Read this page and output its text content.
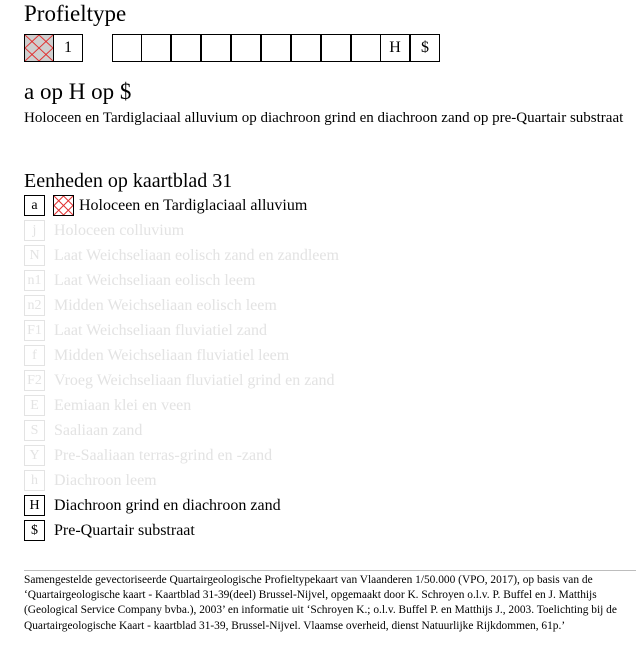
Profieltype
1	H	$
a op H op $
Holoceen en Tardiglaciaal alluvium op diachroon grind en diachroon zand op pre-Quartair substraat
Eenheden op kaartblad 31
a	Holoceen en Tardiglaciaal alluvium
j	Holoceen colluvium
N Laat Weichseliaan eolisch zand en zandleem
n1 Laat Weichseliaan eolisch leem
n2 Midden Weichseliaan eolisch leem
F1 Laat Weichseliaan fluviatiel zand
f	Midden Weichseliaan fluviatiel leem
F2 Vroeg Weichseliaan fluviatiel grind en zand
E Eemiaan klei en veen
S Saaliaan zand
Y Pre-Saaliaan terras-grind en -zand
h	Diachroon leem
H Diachroon grind en diachroon zand
$	Pre-Quartair substraat
Samengestelde gevectoriseerde Quartairgeologische Profieltypekaart van Vlaanderen 1/50.000 (VPO, 2017), op basis van de ‘Quartairgeologische kaart - Kaartblad 31-39(deel) Brussel-Nijvel, opgemaakt door K. Schroyen o.l.v. P. Buffel en J. Matthijs (Geological Service Company bvba.), 2003’ en informatie uit ‘Schroyen K.; o.l.v. Buffel P. en Matthijs J., 2003. Toelichting bij de Quartairgeologische Kaart - kaartblad 31-39, Brussel-Nijvel. Vlaamse overheid, dienst Natuurlijke Rijkdommen, 61p.’
